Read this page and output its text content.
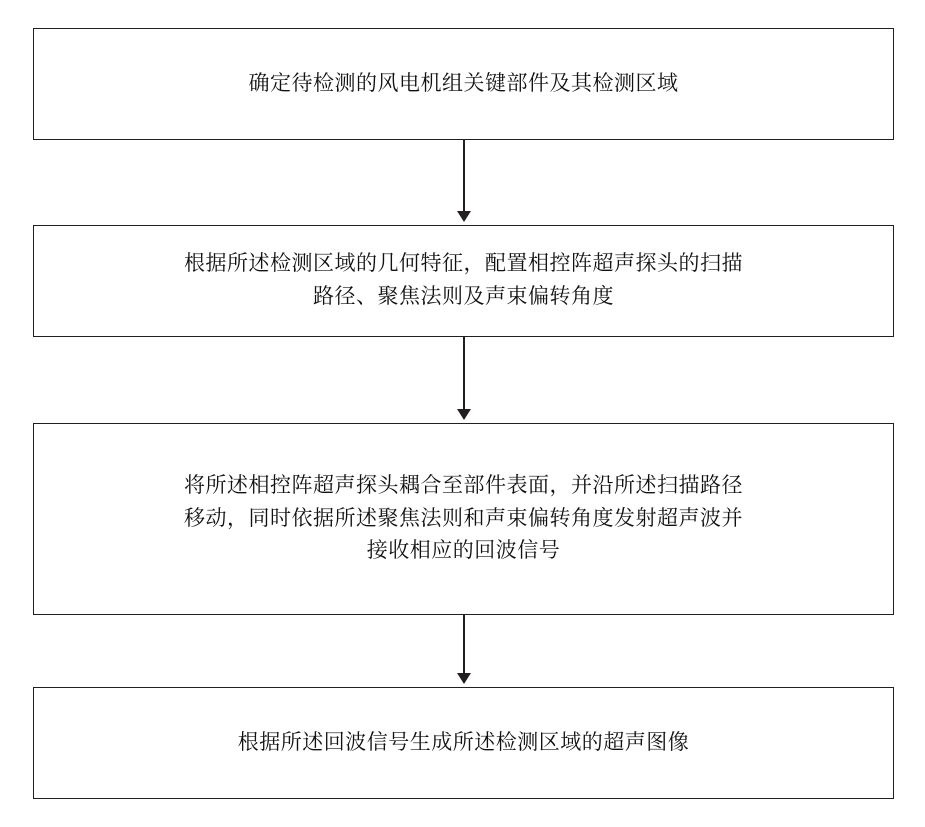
确定待检测的风电机组关键部件及其检测区域
根据所述检测区域的几何特征，配置相控阵超声探头的扫描
路径、聚焦法则及声束偏转角度
将所述相控阵超声探头耦合至部件表面，并沿所述扫描路径
移动，同时依据所述聚焦法则和声束偏转角度发射超声波并
接收相应的回波信号
根据所述回波信号生成所述检测区域的超声图像
